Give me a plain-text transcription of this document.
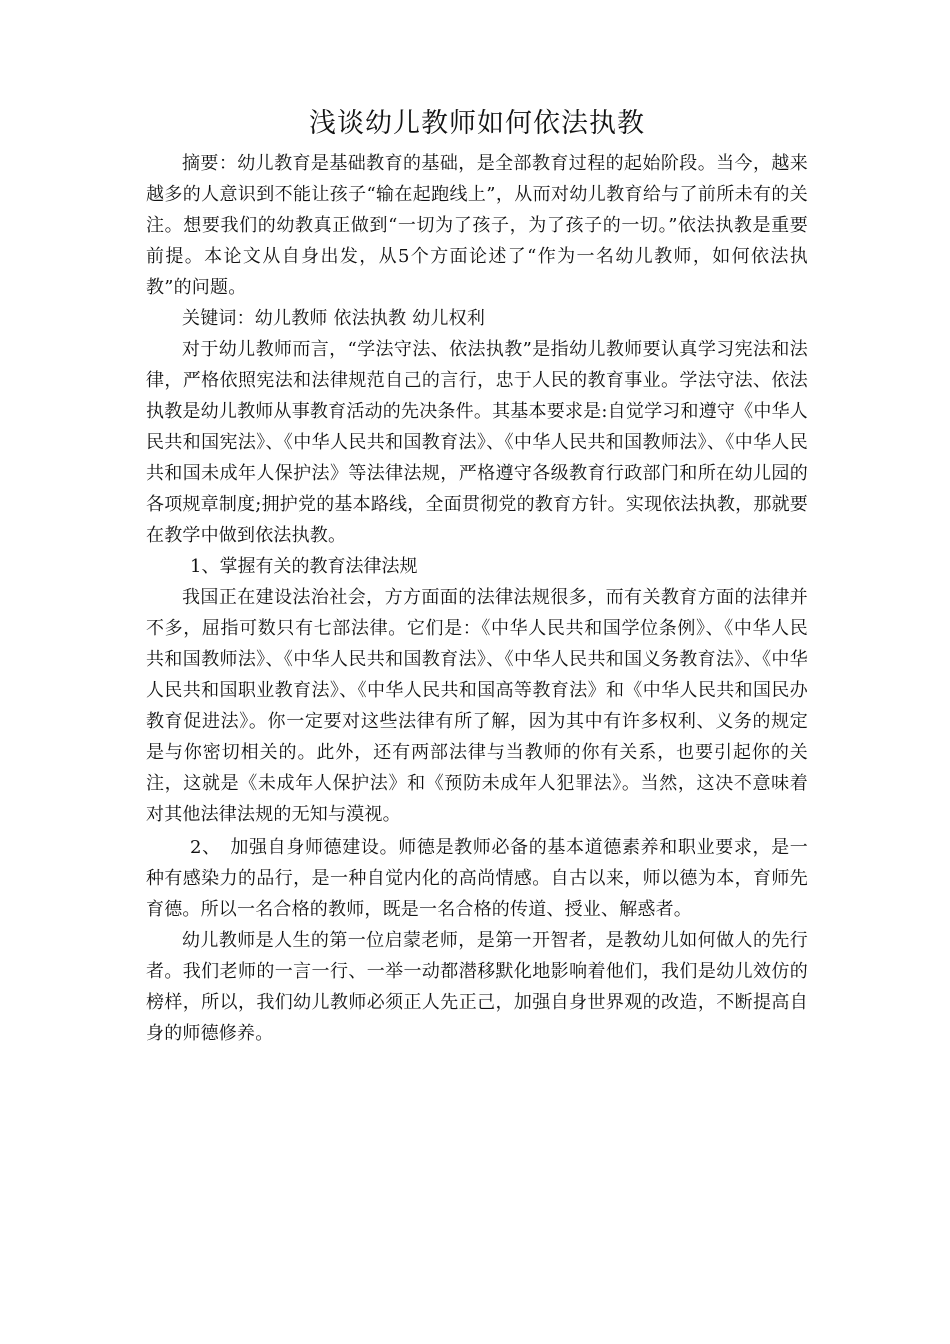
浅谈幼儿教师如何依法执教

摘要：幼儿教育是基础教育的基础，是全部教育过程的起始阶段。当今，越来越多的人意识到不能让孩子“输在起跑线上”，从而对幼儿教育给与了前所未有的关注。想要我们的幼教真正做到“一切为了孩子，为了孩子的一切。”依法执教是重要前提。本论文从自身出发，从5个方面论述了“作为一名幼儿教师，如何依法执教”的问题。

关键词：幼儿教师 依法执教 幼儿权利

对于幼儿教师而言，“学法守法、依法执教”是指幼儿教师要认真学习宪法和法律，严格依照宪法和法律规范自己的言行，忠于人民的教育事业。学法守法、依法执教是幼儿教师从事教育活动的先决条件。其基本要求是:自觉学习和遵守《中华人民共和国宪法》、《中华人民共和国教育法》、《中华人民共和国教师法》、《中华人民共和国未成年人保护法》等法律法规，严格遵守各级教育行政部门和所在幼儿园的各项规章制度;拥护党的基本路线，全面贯彻党的教育方针。实现依法执教，那就要在教学中做到依法执教。

1、掌握有关的教育法律法规

我国正在建设法治社会，方方面面的法律法规很多，而有关教育方面的法律并不多，屈指可数只有七部法律。它们是：《中华人民共和国学位条例》、《中华人民共和国教师法》、《中华人民共和国教育法》、《中华人民共和国义务教育法》、《中华人民共和国职业教育法》、《中华人民共和国高等教育法》和《中华人民共和国民办教育促进法》。你一定要对这些法律有所了解，因为其中有许多权利、义务的规定是与你密切相关的。此外，还有两部法律与当教师的你有关系，也要引起你的关注，这就是《未成年人保护法》和《预防未成年人犯罪法》。当然，这决不意味着对其他法律法规的无知与漠视。

2、　加强自身师德建设。师德是教师必备的基本道德素养和职业要求，是一种有感染力的品行，是一种自觉内化的高尚情感。自古以来，师以德为本，育师先育德。所以一名合格的教师，既是一名合格的传道、授业、解惑者。

幼儿教师是人生的第一位启蒙老师，是第一开智者，是教幼儿如何做人的先行者。我们老师的一言一行、一举一动都潜移默化地影响着他们，我们是幼儿效仿的榜样，所以，我们幼儿教师必须正人先正己，加强自身世界观的改造，不断提高自身的师德修养。
